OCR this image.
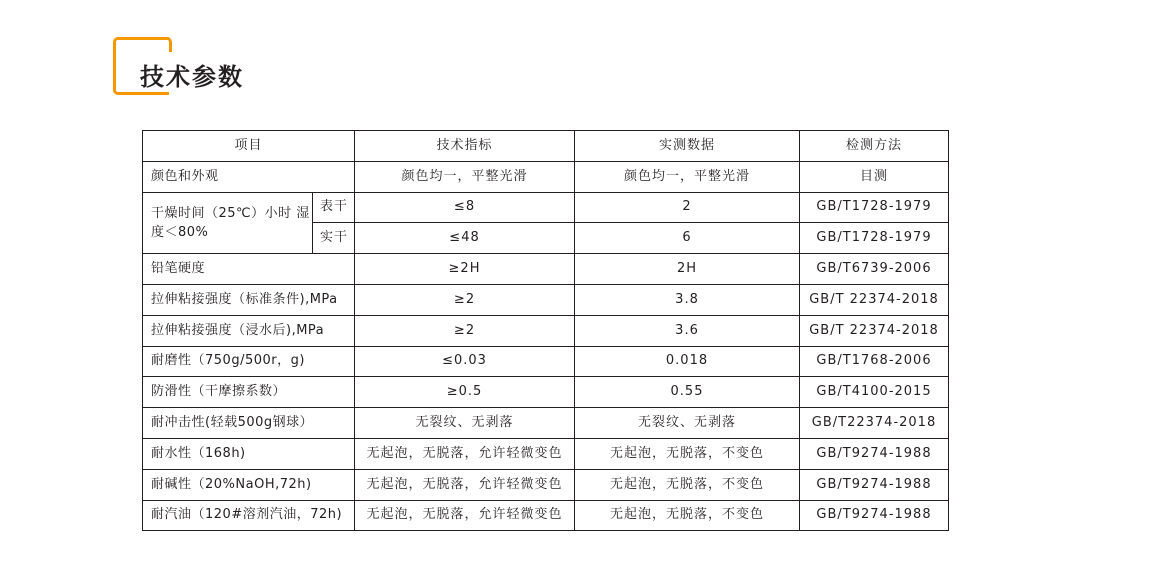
技术参数
项目		技术指标	实测数据	检测方法
颜色和外观		颜色均一，平整光滑	颜色均一，平整光滑	目测
干燥时间（25℃）小时 湿度＜80%	表干	≤8	2	GB/T1728-1979
	实干	≤48	6	GB/T1728-1979
铅笔硬度		≥2H	2H	GB/T6739-2006
拉伸粘接强度（标准条件),MPa		≥2	3.8	GB/T 22374-2018
拉伸粘接强度（浸水后),MPa		≥2	3.6	GB/T 22374-2018
耐磨性（750g/500r，g)		≤0.03	0.018	GB/T1768-2006
防滑性（干摩擦系数）		≥0.5	0.55	GB/T4100-2015
耐冲击性(轻载500g钢球）		无裂纹、无剥落	无裂纹、无剥落	GB/T22374-2018
耐水性（168h)		无起泡，无脱落，允许轻微变色	无起泡，无脱落，不变色	GB/T9274-1988
耐碱性（20%NaOH,72h)		无起泡，无脱落，允许轻微变色	无起泡，无脱落，不变色	GB/T9274-1988
耐汽油（120#溶剂汽油，72h)		无起泡，无脱落，允许轻微变色	无起泡，无脱落，不变色	GB/T9274-1988
